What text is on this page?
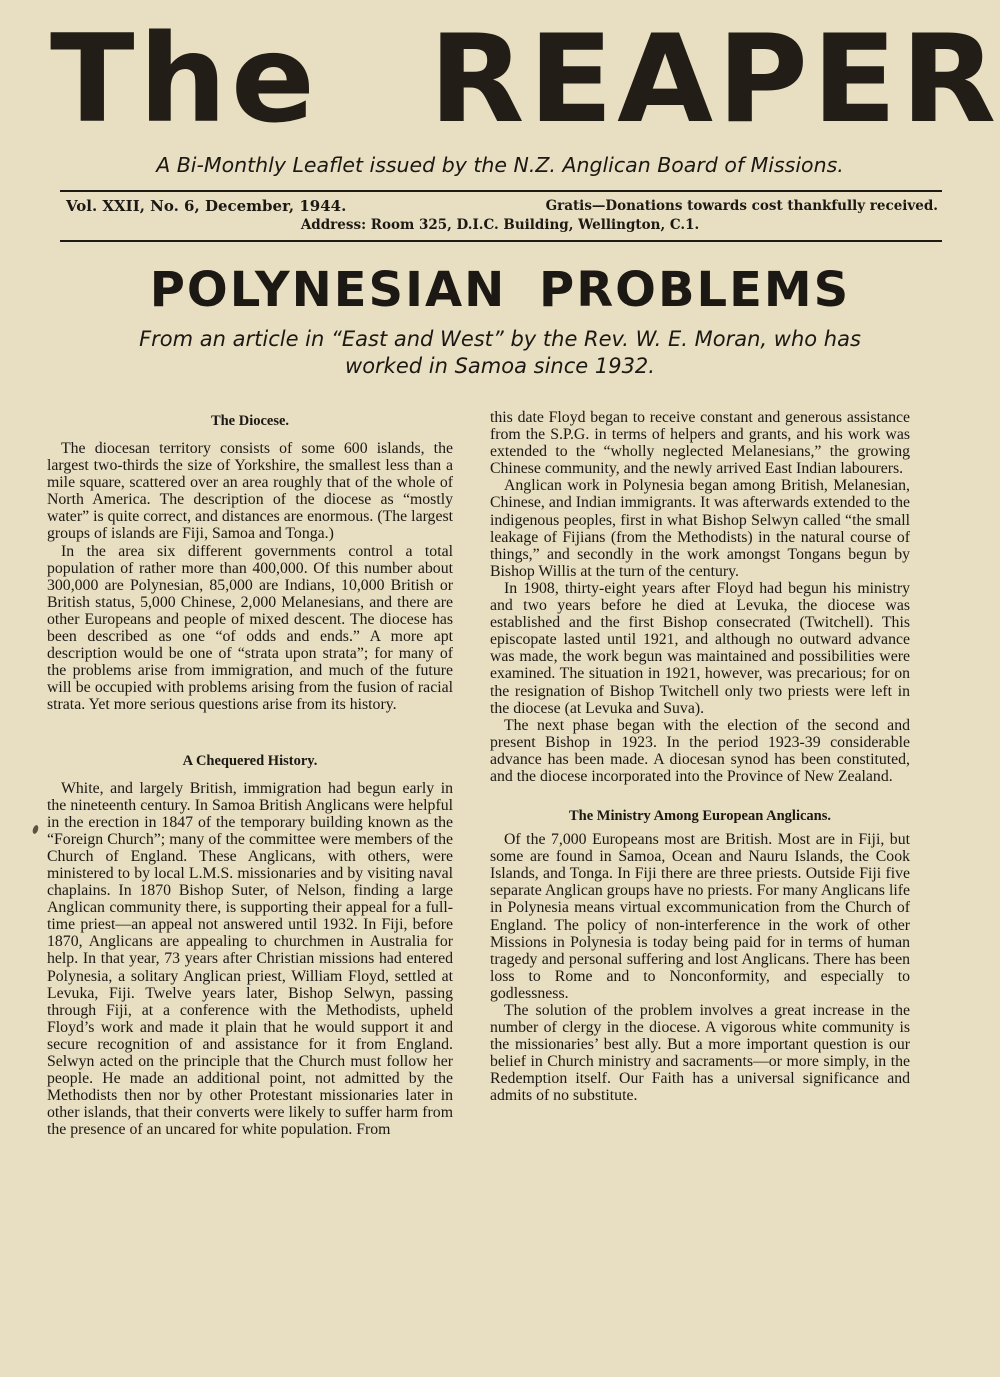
The REAPER
A Bi-Monthly Leaflet issued by the N.Z. Anglican Board of Missions.
Vol. XXII, No. 6, December, 1944.	Gratis—Donations towards cost thankfully received.
Address: Room 325, D.I.C. Building, Wellington, C.1.
POLYNESIAN PROBLEMS
From an article in “East and West” by the Rev. W. E. Moran, who has
worked in Samoa since 1932.
The Diocese.

The diocesan territory consists of some 600 islands, the largest two-thirds the size of Yorkshire, the smallest less than a mile square, scattered over an area roughly that of the whole of North America. The description of the diocese as “mostly water” is quite correct, and distances are enormous. (The largest groups of islands are Fiji, Samoa and Tonga.)

In the area six different governments control a total population of rather more than 400,000. Of this number about 300,000 are Polynesian, 85,000 are Indians, 10,000 British or British status, 5,000 Chinese, 2,000 Melanesians, and there are other Europeans and people of mixed descent. The diocese has been described as one “of odds and ends.” A more apt description would be one of “strata upon strata”; for many of the problems arise from immigration, and much of the future will be occupied with problems arising from the fusion of racial strata. Yet more serious questions arise from its history.

A Chequered History.

White, and largely British, immigration had begun early in the nineteenth century. In Samoa British Anglicans were helpful in the erection in 1847 of the temporary building known as the “Foreign Church”; many of the committee were members of the Church of England. These Anglicans, with others, were ministered to by local L.M.S. missionaries and by visiting naval chaplains. In 1870 Bishop Suter, of Nelson, finding a large Anglican community there, is supporting their appeal for a full-time priest—an appeal not answered until 1932. In Fiji, before 1870, Anglicans are appealing to churchmen in Australia for help. In that year, 73 years after Christian missions had entered Polynesia, a solitary Anglican priest, William Floyd, settled at Levuka, Fiji. Twelve years later, Bishop Selwyn, passing through Fiji, at a conference with the Methodists, upheld Floyd’s work and made it plain that he would support it and secure recognition of and assistance for it from England. Selwyn acted on the principle that the Church must follow her people. He made an additional point, not admitted by the Methodists then nor by other Protestant missionaries later in other islands, that their converts were likely to suffer harm from the presence of an uncared for white population. From

this date Floyd began to receive constant and generous assistance from the S.P.G. in terms of helpers and grants, and his work was extended to the “wholly neglected Melanesians,” the growing Chinese community, and the newly arrived East Indian labourers.

Anglican work in Polynesia began among British, Melanesian, Chinese, and Indian immigrants. It was afterwards extended to the indigenous peoples, first in what Bishop Selwyn called “the small leakage of Fijians (from the Methodists) in the natural course of things,” and secondly in the work amongst Tongans begun by Bishop Willis at the turn of the century.

In 1908, thirty-eight years after Floyd had begun his ministry and two years before he died at Levuka, the diocese was established and the first Bishop consecrated (Twitchell). This episcopate lasted until 1921, and although no outward advance was made, the work begun was maintained and possibilities were examined. The situation in 1921, however, was precarious; for on the resignation of Bishop Twitchell only two priests were left in the diocese (at Levuka and Suva).

The next phase began with the election of the second and present Bishop in 1923. In the period 1923-39 considerable advance has been made. A diocesan synod has been constituted, and the diocese incorporated into the Province of New Zealand.

The Ministry Among European Anglicans.

Of the 7,000 Europeans most are British. Most are in Fiji, but some are found in Samoa, Ocean and Nauru Islands, the Cook Islands, and Tonga. In Fiji there are three priests. Outside Fiji five separate Anglican groups have no priests. For many Anglicans life in Polynesia means virtual excommunication from the Church of England. The policy of non-interference in the work of other Missions in Polynesia is today being paid for in terms of human tragedy and personal suffering and lost Anglicans. There has been loss to Rome and to Nonconformity, and especially to godlessness.

The solution of the problem involves a great increase in the number of clergy in the diocese. A vigorous white community is the missionaries’ best ally. But a more important question is our belief in Church ministry and sacraments—or more simply, in the Redemption itself. Our Faith has a universal significance and admits of no substitute.
